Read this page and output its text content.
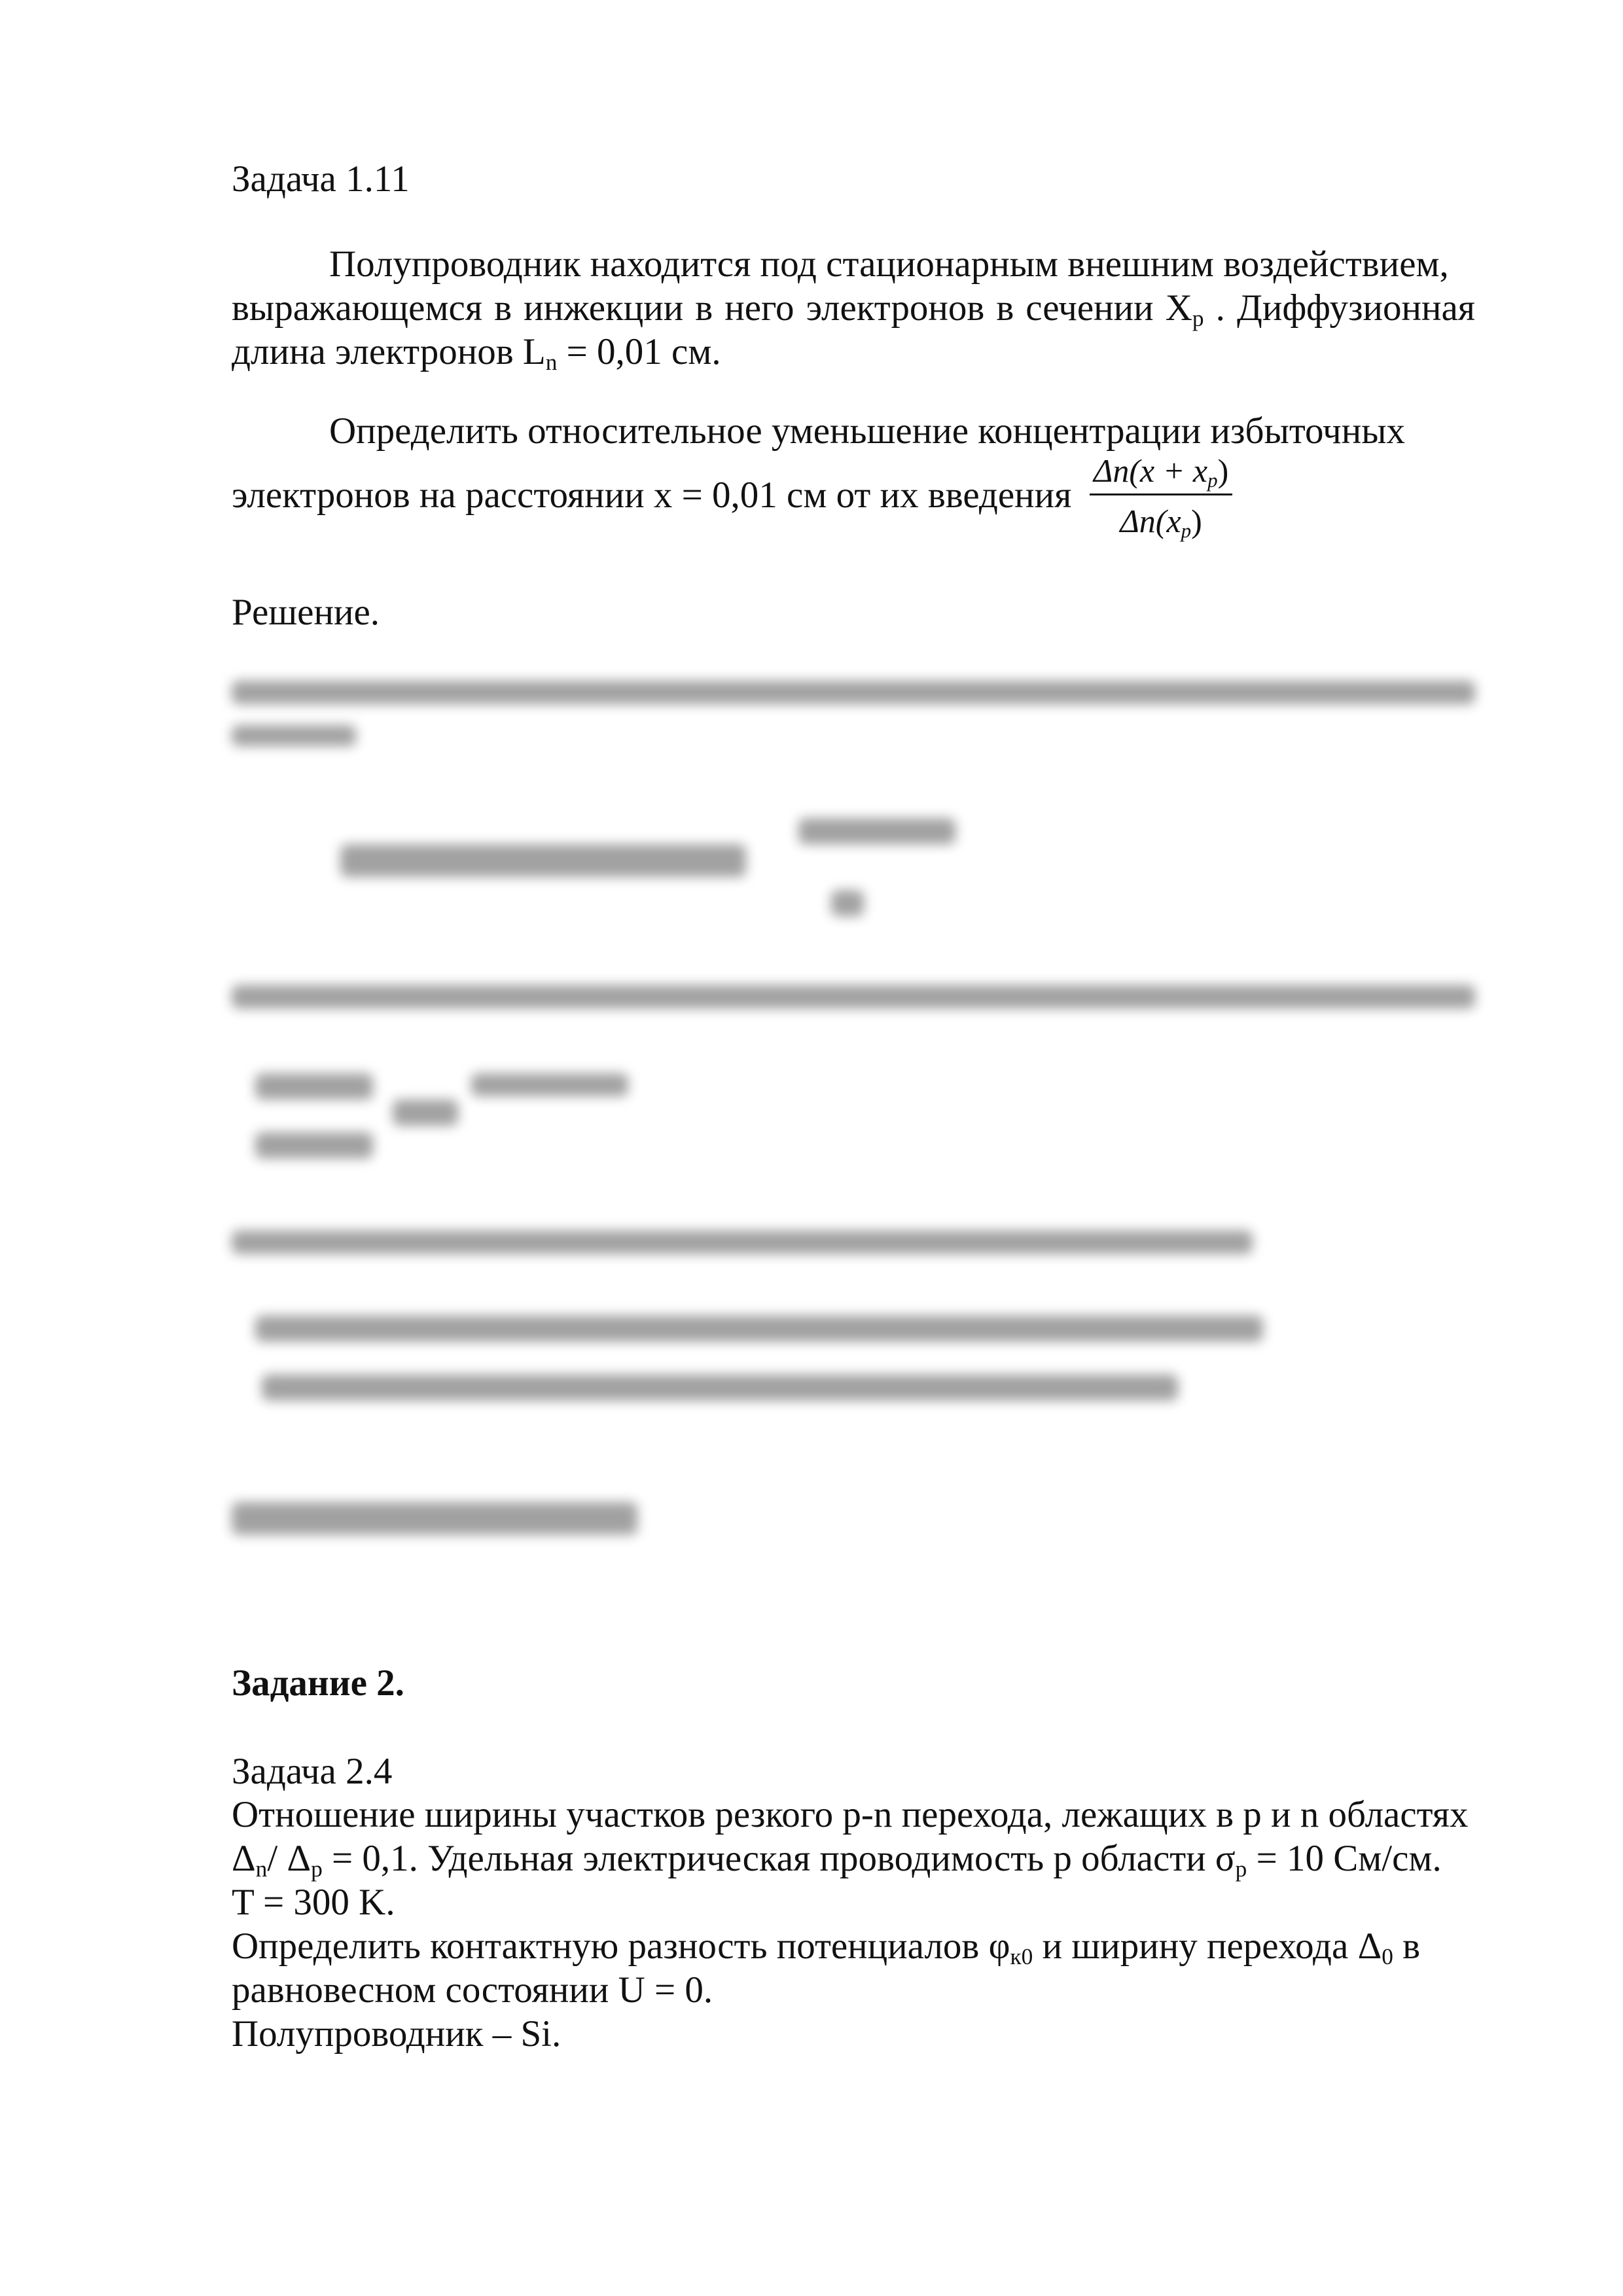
Задача 1.11
Полупроводник находится под стационарным внешним воздействием,
выражающемся в инжекции в него электронов в сечении $X_p$ . Диффузионная
длина электронов $L_n = 0,01$ см.
Определить относительное уменьшение концентрации избыточных
электронов на расстоянии x = 0,01 см от их введения $\frac{\Delta n(x + x_p)}{\Delta n(x_p)}$
Решение.
Задание 2.
Задача 2.4
Отношение ширины участков резкого p-n перехода, лежащих в p и n областях
$\Delta_n/$ $\Delta_p = 0,1$. Удельная электрическая проводимость p области $\sigma_p = 10$ См/см.
T = 300 K.
Определить контактную разность потенциалов $\varphi_{к0}$ и ширину перехода $\Delta_0$ в
равновесном состоянии U = 0.
Полупроводник – Si.
